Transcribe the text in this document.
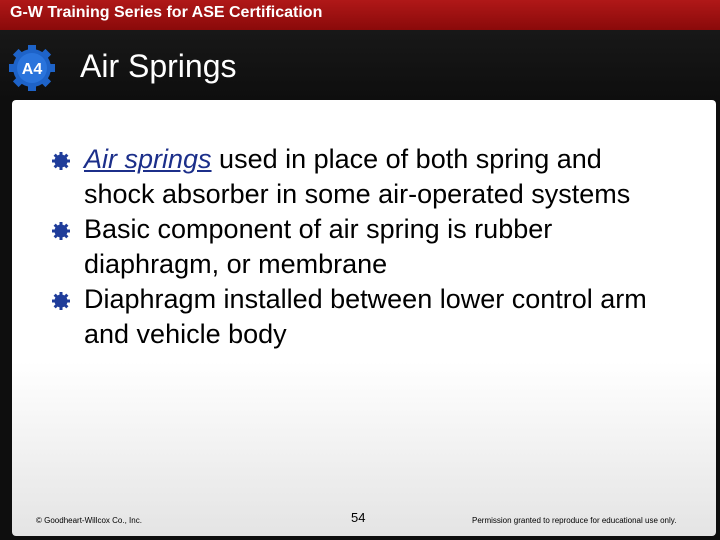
G-W Training Series for ASE Certification
A4 Air Springs
Air springs used in place of both spring and shock absorber in some air-operated systems
Basic component of air spring is rubber diaphragm, or membrane
Diaphragm installed between lower control arm and vehicle body
© Goodheart-Willcox Co., Inc.	54	Permission granted to reproduce for educational use only.
